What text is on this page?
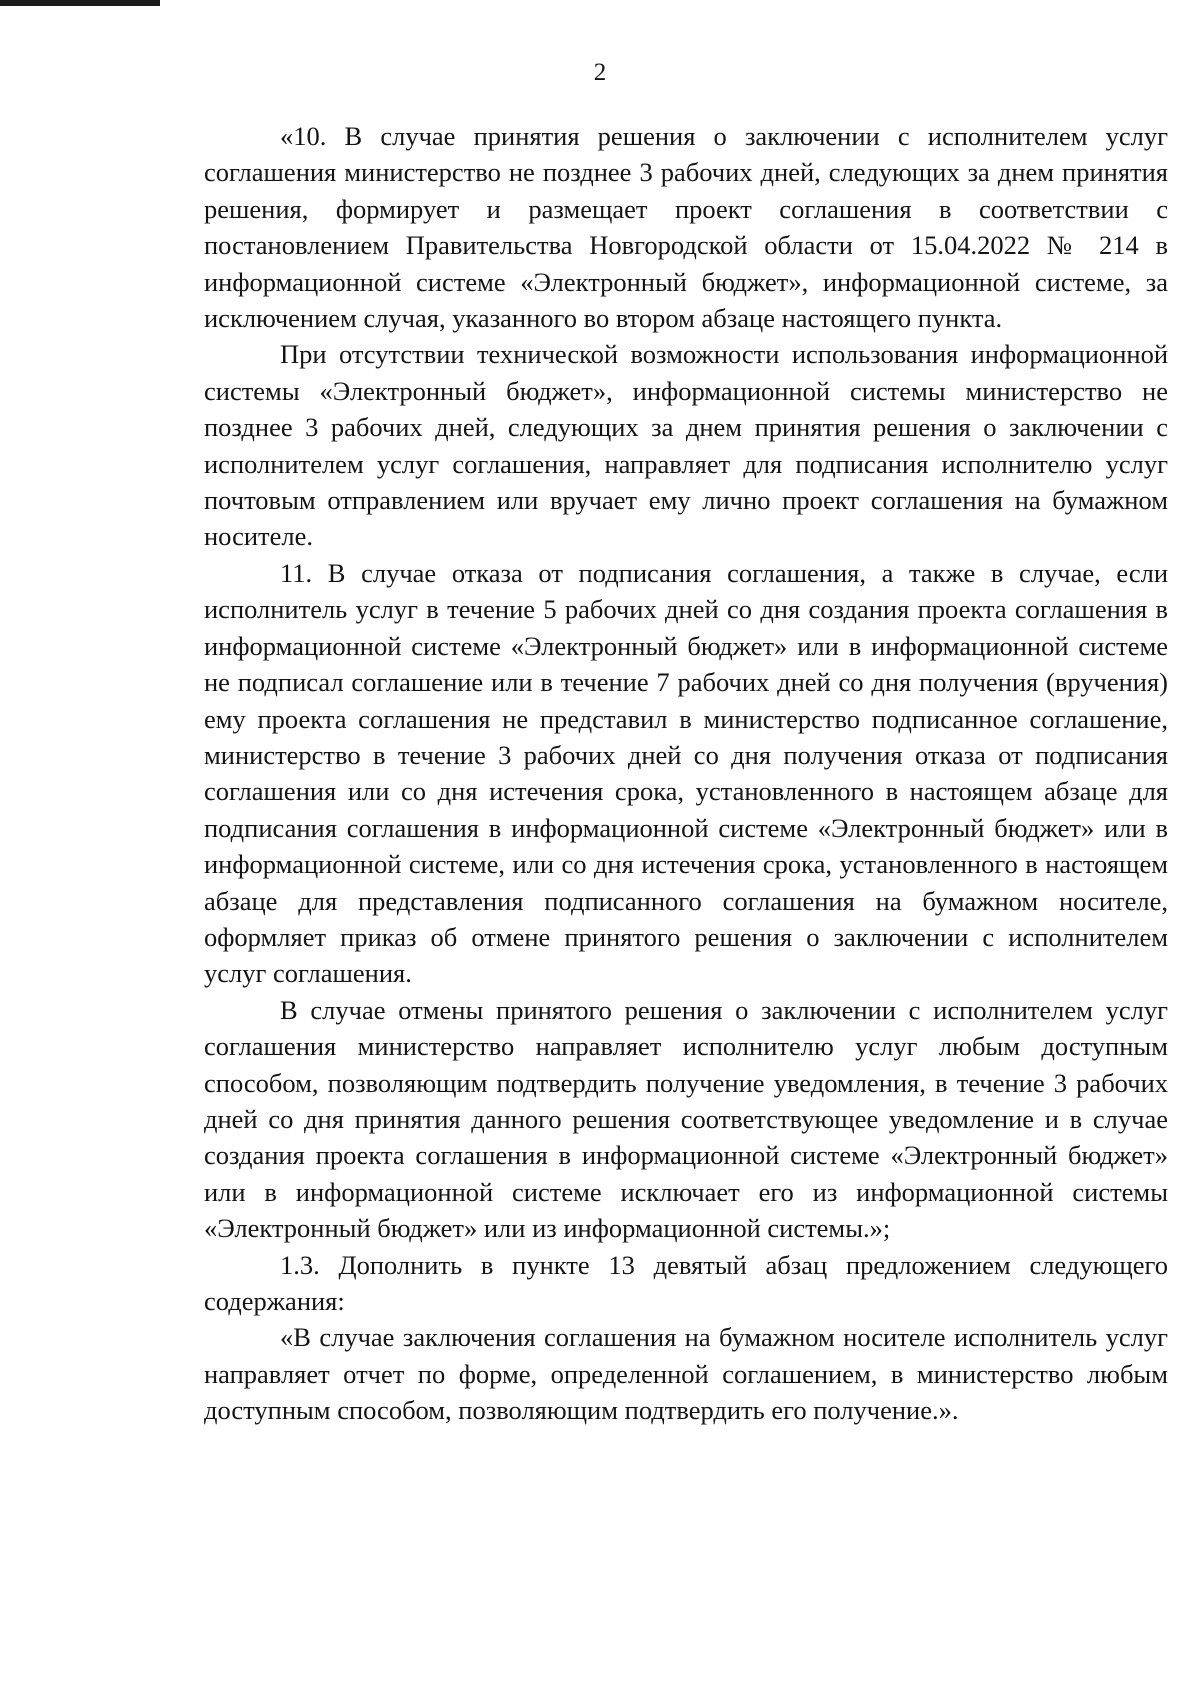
2

«10. В случае принятия решения о заключении с исполнителем услуг соглашения министерство не позднее 3 рабочих дней, следующих за днем принятия решения, формирует и размещает проект соглашения в соответствии с постановлением Правительства Новгородской области от 15.04.2022 № 214 в информационной системе «Электронный бюджет», информационной системе, за исключением случая, указанного во втором абзаце настоящего пункта.

При отсутствии технической возможности использования информационной системы «Электронный бюджет», информационной системы министерство не позднее 3 рабочих дней, следующих за днем принятия решения о заключении с исполнителем услуг соглашения, направляет для подписания исполнителю услуг почтовым отправлением или вручает ему лично проект соглашения на бумажном носителе.

11. В случае отказа от подписания соглашения, а также в случае, если исполнитель услуг в течение 5 рабочих дней со дня создания проекта соглашения в информационной системе «Электронный бюджет» или в информационной системе не подписал соглашение или в течение 7 рабочих дней со дня получения (вручения) ему проекта соглашения не представил в министерство подписанное соглашение, министерство в течение 3 рабочих дней со дня получения отказа от подписания соглашения или со дня истечения срока, установленного в настоящем абзаце для подписания соглашения в информационной системе «Электронный бюджет» или в информационной системе, или со дня истечения срока, установленного в настоящем абзаце для представления подписанного соглашения на бумажном носителе, оформляет приказ об отмене принятого решения о заключении с исполнителем услуг соглашения.

В случае отмены принятого решения о заключении с исполнителем услуг соглашения министерство направляет исполнителю услуг любым доступным способом, позволяющим подтвердить получение уведомления, в течение 3 рабочих дней со дня принятия данного решения соответствующее уведомление и в случае создания проекта соглашения в информационной системе «Электронный бюджет» или в информационной системе исключает его из информационной системы «Электронный бюджет» или из информационной системы.»;

1.3. Дополнить в пункте 13 девятый абзац предложением следующего содержания:

«В случае заключения соглашения на бумажном носителе исполнитель услуг направляет отчет по форме, определенной соглашением, в министерство любым доступным способом, позволяющим подтвердить его получение.».
